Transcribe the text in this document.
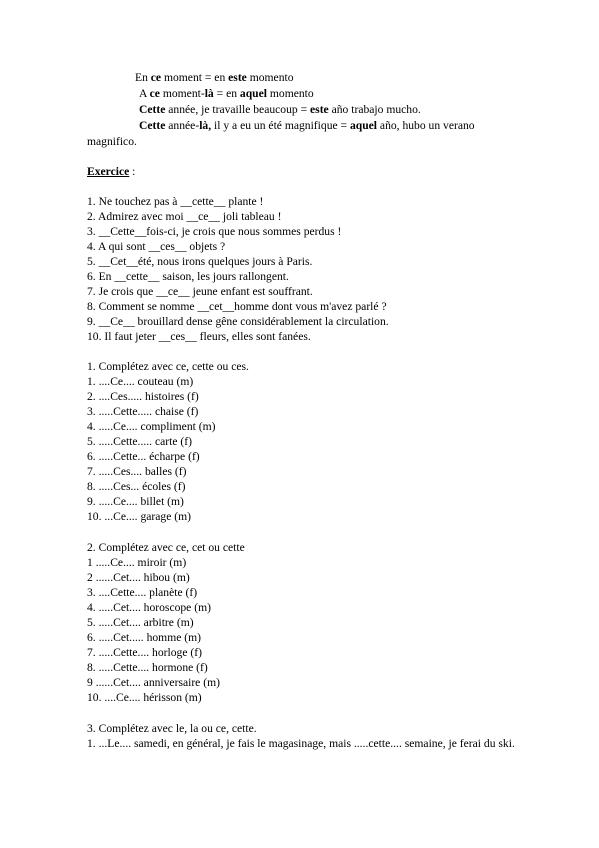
En ce moment = en este momento
A ce moment-là = en aquel momento
Cette année, je travaille beaucoup = este año trabajo mucho.
Cette année-là, il y a eu un été magnifique = aquel año, hubo un verano
magnifico.
Exercice :
1. Ne touchez pas à __cette__ plante !
2. Admirez avec moi __ce__ joli tableau !
3. __Cette__fois-ci, je crois que nous sommes perdus !
4. A qui sont __ces__ objets ?
5. __Cet__été, nous irons quelques jours à Paris.
6. En __cette__ saison, les jours rallongent.
7. Je crois que __ce__ jeune enfant est souffrant.
8. Comment se nomme __cet__homme dont vous m'avez parlé ?
9. __Ce__ brouillard dense gêne considérablement la circulation.
10. Il faut jeter __ces__ fleurs, elles sont fanées.
1. Complétez avec ce, cette ou ces.
1. ....Ce.... couteau (m)
2. ....Ces..... histoires (f)
3. .....Cette..... chaise (f)
4. .....Ce.... compliment (m)
5. .....Cette..... carte (f)
6. .....Cette... écharpe (f)
7. .....Ces.... balles (f)
8. .....Ces... écoles (f)
9. .....Ce.... billet (m)
10. ...Ce.... garage (m)
2. Complétez avec ce, cet ou cette
1 .....Ce.... miroir (m)
2 ......Cet.... hibou (m)
3. ....Cette.... planète (f)
4. .....Cet.... horoscope (m)
5. .....Cet.... arbitre (m)
6. .....Cet..... homme (m)
7. .....Cette.... horloge (f)
8. .....Cette.... hormone (f)
9 ......Cet.... anniversaire (m)
10. ....Ce.... hérisson (m)
3. Complétez avec le, la ou ce, cette.
1. ...Le.... samedi, en général, je fais le magasinage, mais .....cette.... semaine, je ferai du ski.
